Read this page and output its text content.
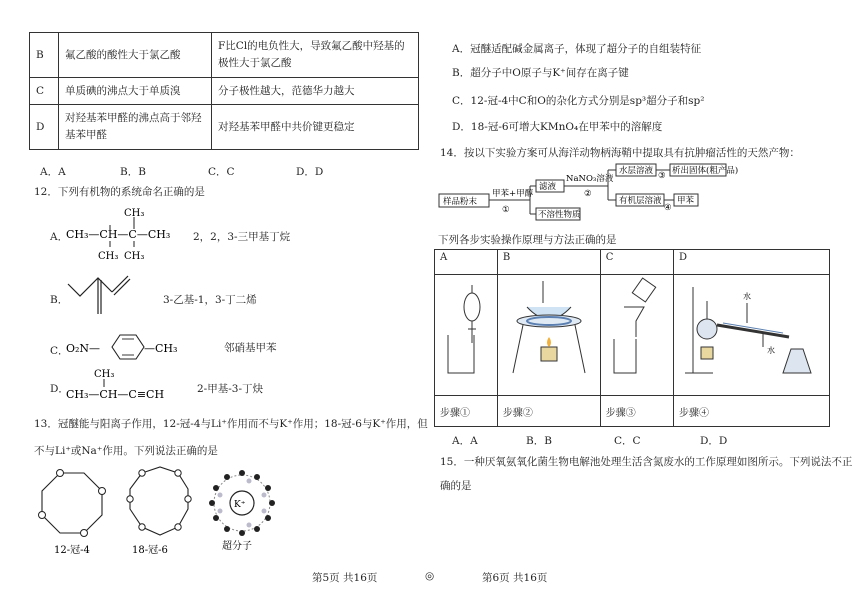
B	氟乙酸的酸性大于氯乙酸	F比Cl的电负性大，导致氟乙酸中羟基的极性大于氯乙酸
C	单质碘的沸点大于单质溴	分子极性越大，范德华力越大
D	对羟基苯甲醛的沸点高于邻羟基苯甲醛	对羟基苯甲醛中共价键更稳定
A．A	B．B	C．C	D．D
12．下列有机物的系统命名正确的是
A．
CH₃—CH—C—CH₃
CH₃
CH₃ CH₃
2，2，3-三甲基丁烷
B．	3-乙基-1，3-丁二烯
C．
O₂N—	—CH₃	邻硝基甲苯
D．
CH₃
CH₃—CH—C≡CH	2-甲基-3-丁炔
13．冠醚能与阳离子作用，12-冠-4与Li⁺作用而不与K⁺作用；18-冠-6与K⁺作用，但
不与Li⁺或Na⁺作用。下列说法正确的是
12-冠-4	18-冠-6
K⁺
超分子
A．冠醚适配碱金属离子，体现了超分子的自组装特征
B．超分子中O原子与K⁺间存在离子键
C．12-冠-4中C和O的杂化方式分别是sp³超分子和sp²
D．18-冠-6可增大KMnO₄在甲苯中的溶解度
14．按以下实验方案可从海洋动物柄海鞘中提取具有抗肿瘤活性的天然产物：
样品粉末
甲苯+甲醇
①
滤液
不溶性物质
NaNO₃溶液
②
水层溶液 ③ 析出固体(粗产品)
有机层溶液
④
甲苯
下列各步实验操作原理与方法正确的是
A	B	C	D

水
水

步骤①	步骤②	步骤③	步骤④
A．A	B．B	C．C	D．D
15．一种厌氧氨氧化菌生物电解池处理生活含氮废水的工作原理如图所示。下列说法不正
确的是
第5页 共16页	◎	第6页 共16页
